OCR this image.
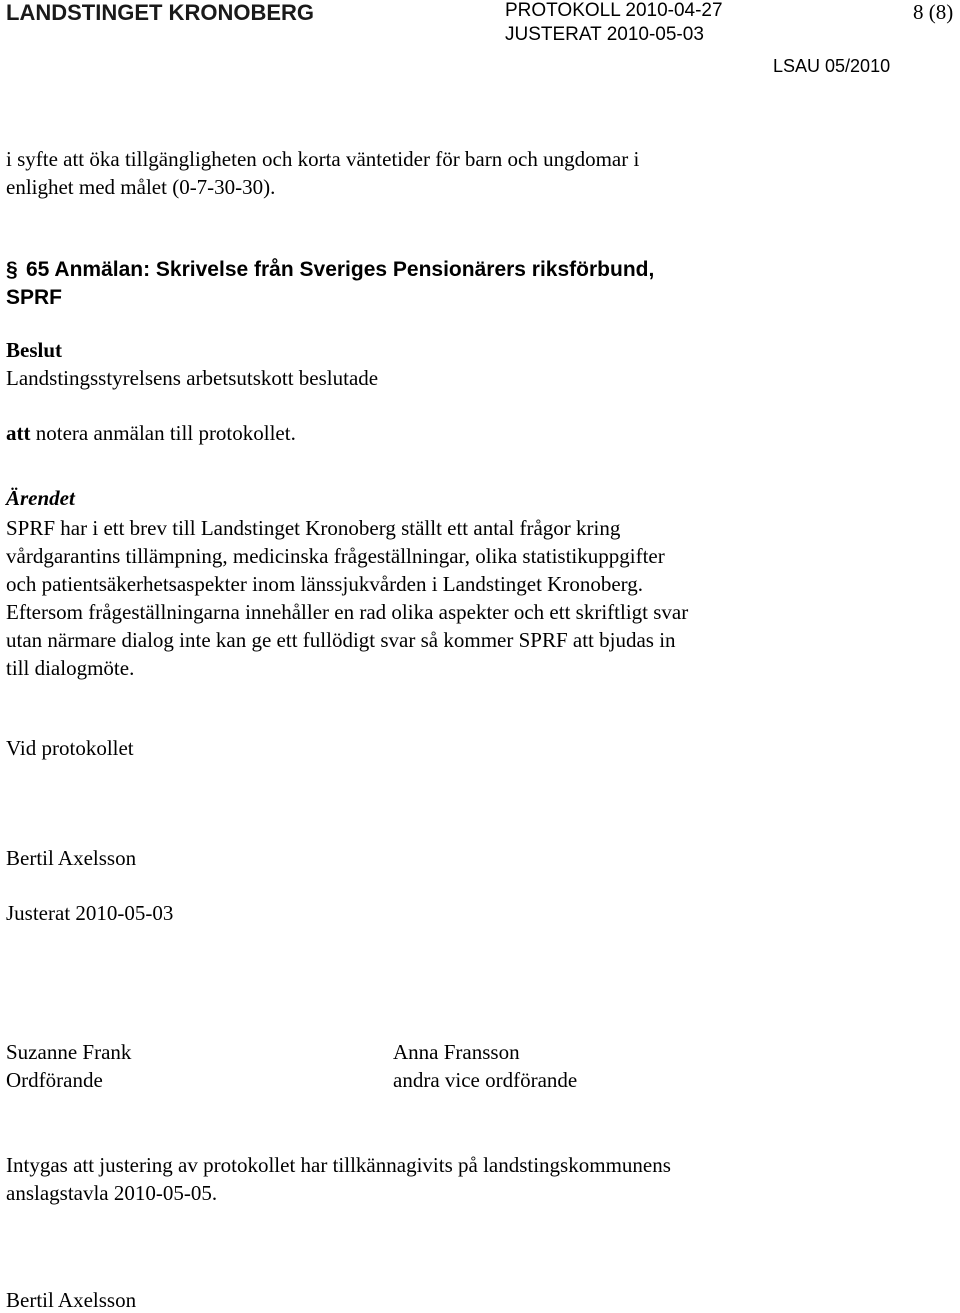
LANDSTINGET KRONOBERG	PROTOKOLL 2010-04-27
JUSTERAT 2010-05-03
LSAU 05/2010
8 (8)
i syfte att öka tillgängligheten och korta väntetider för barn och ungdomar i
enlighet med målet (0-7-30-30).
§ 65 Anmälan: Skrivelse från Sveriges Pensionärers riksförbund,
SPRF
Beslut
Landstingsstyrelsens arbetsutskott beslutade
att notera anmälan till protokollet.
Ärendet
SPRF har i ett brev till Landstinget Kronoberg ställt ett antal frågor kring
vårdgarantins tillämpning, medicinska frågeställningar, olika statistikuppgifter
och patientsäkerhetsaspekter inom länssjukvården i Landstinget Kronoberg.
Eftersom frågeställningarna innehåller en rad olika aspekter och ett skriftligt svar
utan närmare dialog inte kan ge ett fullödigt svar så kommer SPRF att bjudas in
till dialogmöte.
Vid protokollet
Bertil Axelsson
Justerat 2010-05-03
Suzanne Frank
Ordförande
Anna Fransson
andra vice ordförande
Intygas att justering av protokollet har tillkännagivits på landstingskommunens
anslagstavla 2010-05-05.
Bertil Axelsson
